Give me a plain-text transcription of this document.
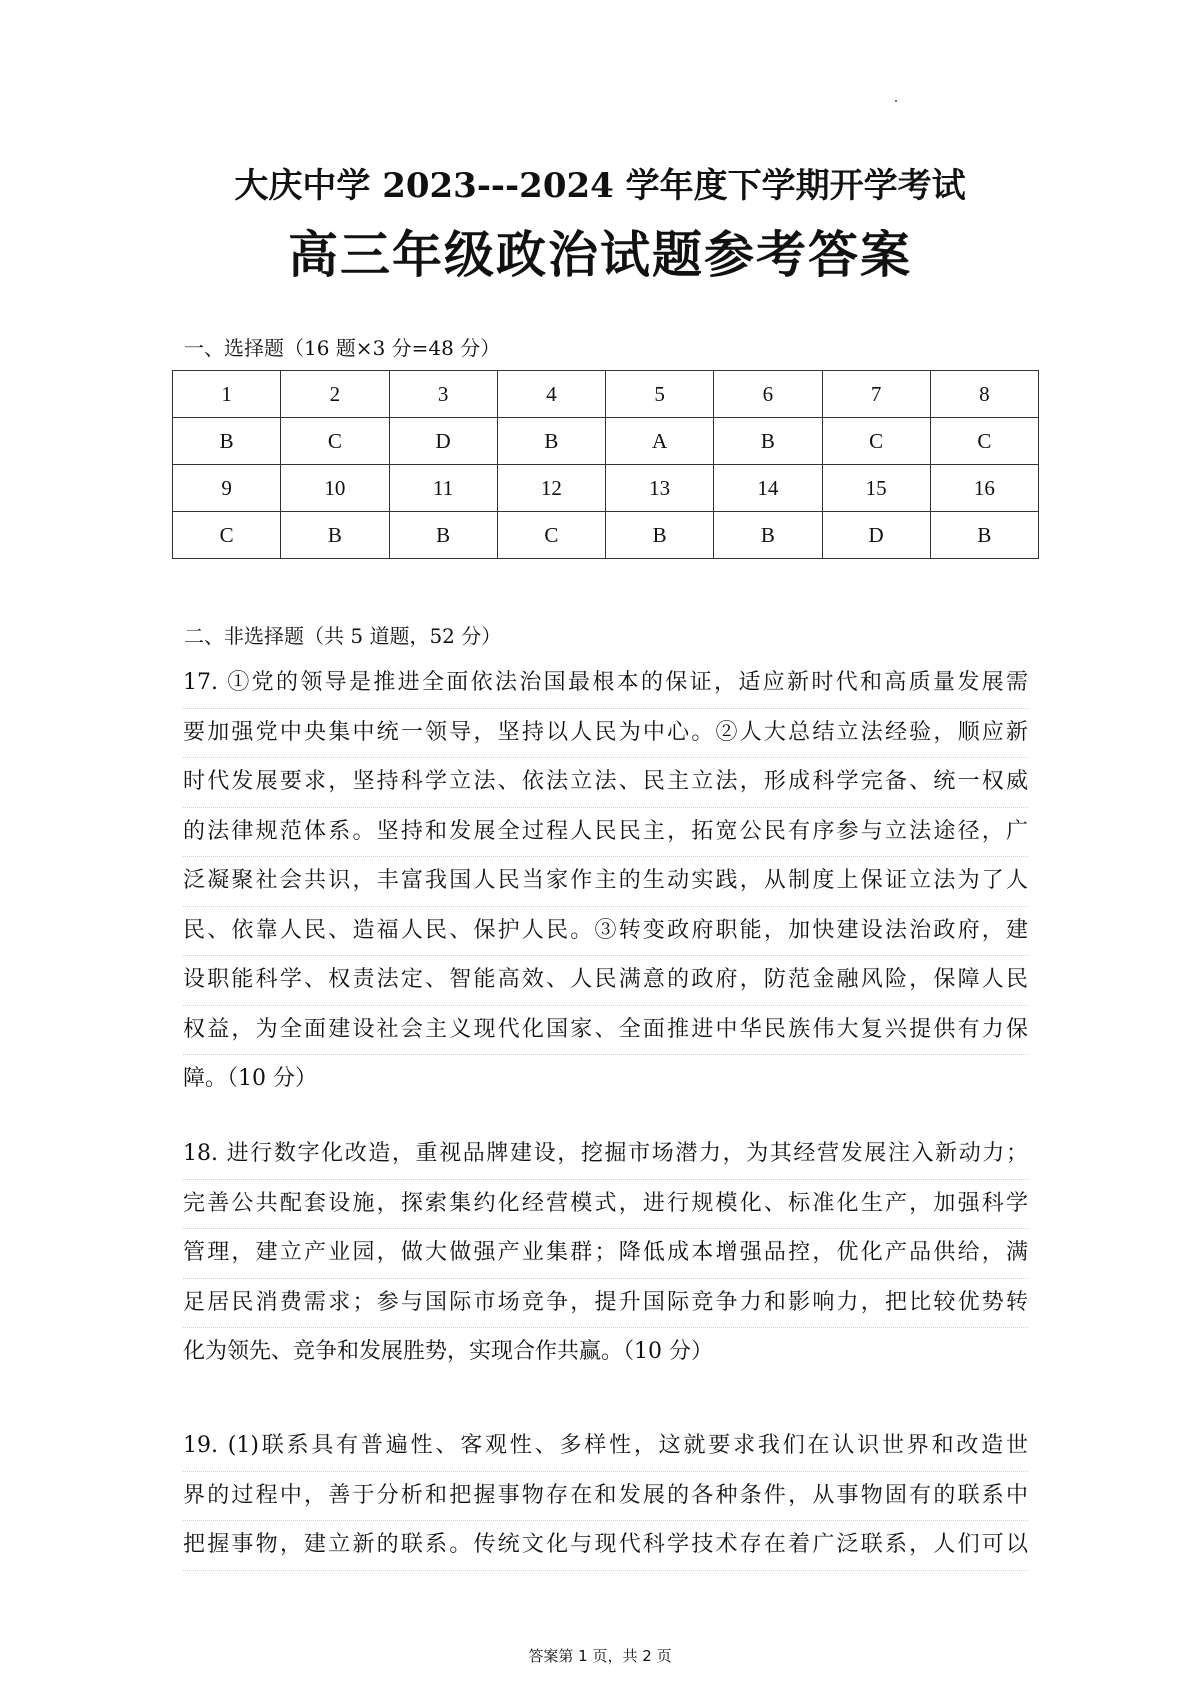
大庆中学 2023---2024 学年度下学期开学考试
高三年级政治试题参考答案
一、选择题（16 题×3 分=48 分）
1	2	3	4	5	6	7	8
B	C	D	B	A	B	C	C
9	10	11	12	13	14	15	16
C	B	B	C	B	B	D	B
二、非选择题（共 5 道题，52 分）
17. ①党的领导是推进全面依法治国最根本的保证，适应新时代和高质量发展需
要加强党中央集中统一领导，坚持以人民为中心。②人大总结立法经验，顺应新
时代发展要求，坚持科学立法、依法立法、民主立法，形成科学完备、统一权威
的法律规范体系。坚持和发展全过程人民民主，拓宽公民有序参与立法途径，广
泛凝聚社会共识，丰富我国人民当家作主的生动实践，从制度上保证立法为了人
民、依靠人民、造福人民、保护人民。③转变政府职能，加快建设法治政府，建
设职能科学、权责法定、智能高效、人民满意的政府，防范金融风险，保障人民
权益，为全面建设社会主义现代化国家、全面推进中华民族伟大复兴提供有力保
障。（10 分）
18. 进行数字化改造，重视品牌建设，挖掘市场潜力，为其经营发展注入新动力；
完善公共配套设施，探索集约化经营模式，进行规模化、标准化生产，加强科学
管理，建立产业园，做大做强产业集群；降低成本增强品控，优化产品供给，满
足居民消费需求；参与国际市场竞争，提升国际竞争力和影响力，把比较优势转
化为领先、竞争和发展胜势，实现合作共赢。（10 分）
19. (1)联系具有普遍性、客观性、多样性，这就要求我们在认识世界和改造世
界的过程中，善于分析和把握事物存在和发展的各种条件，从事物固有的联系中
把握事物，建立新的联系。传统文化与现代科学技术存在着广泛联系，人们可以
答案第 1 页，共 2 页
